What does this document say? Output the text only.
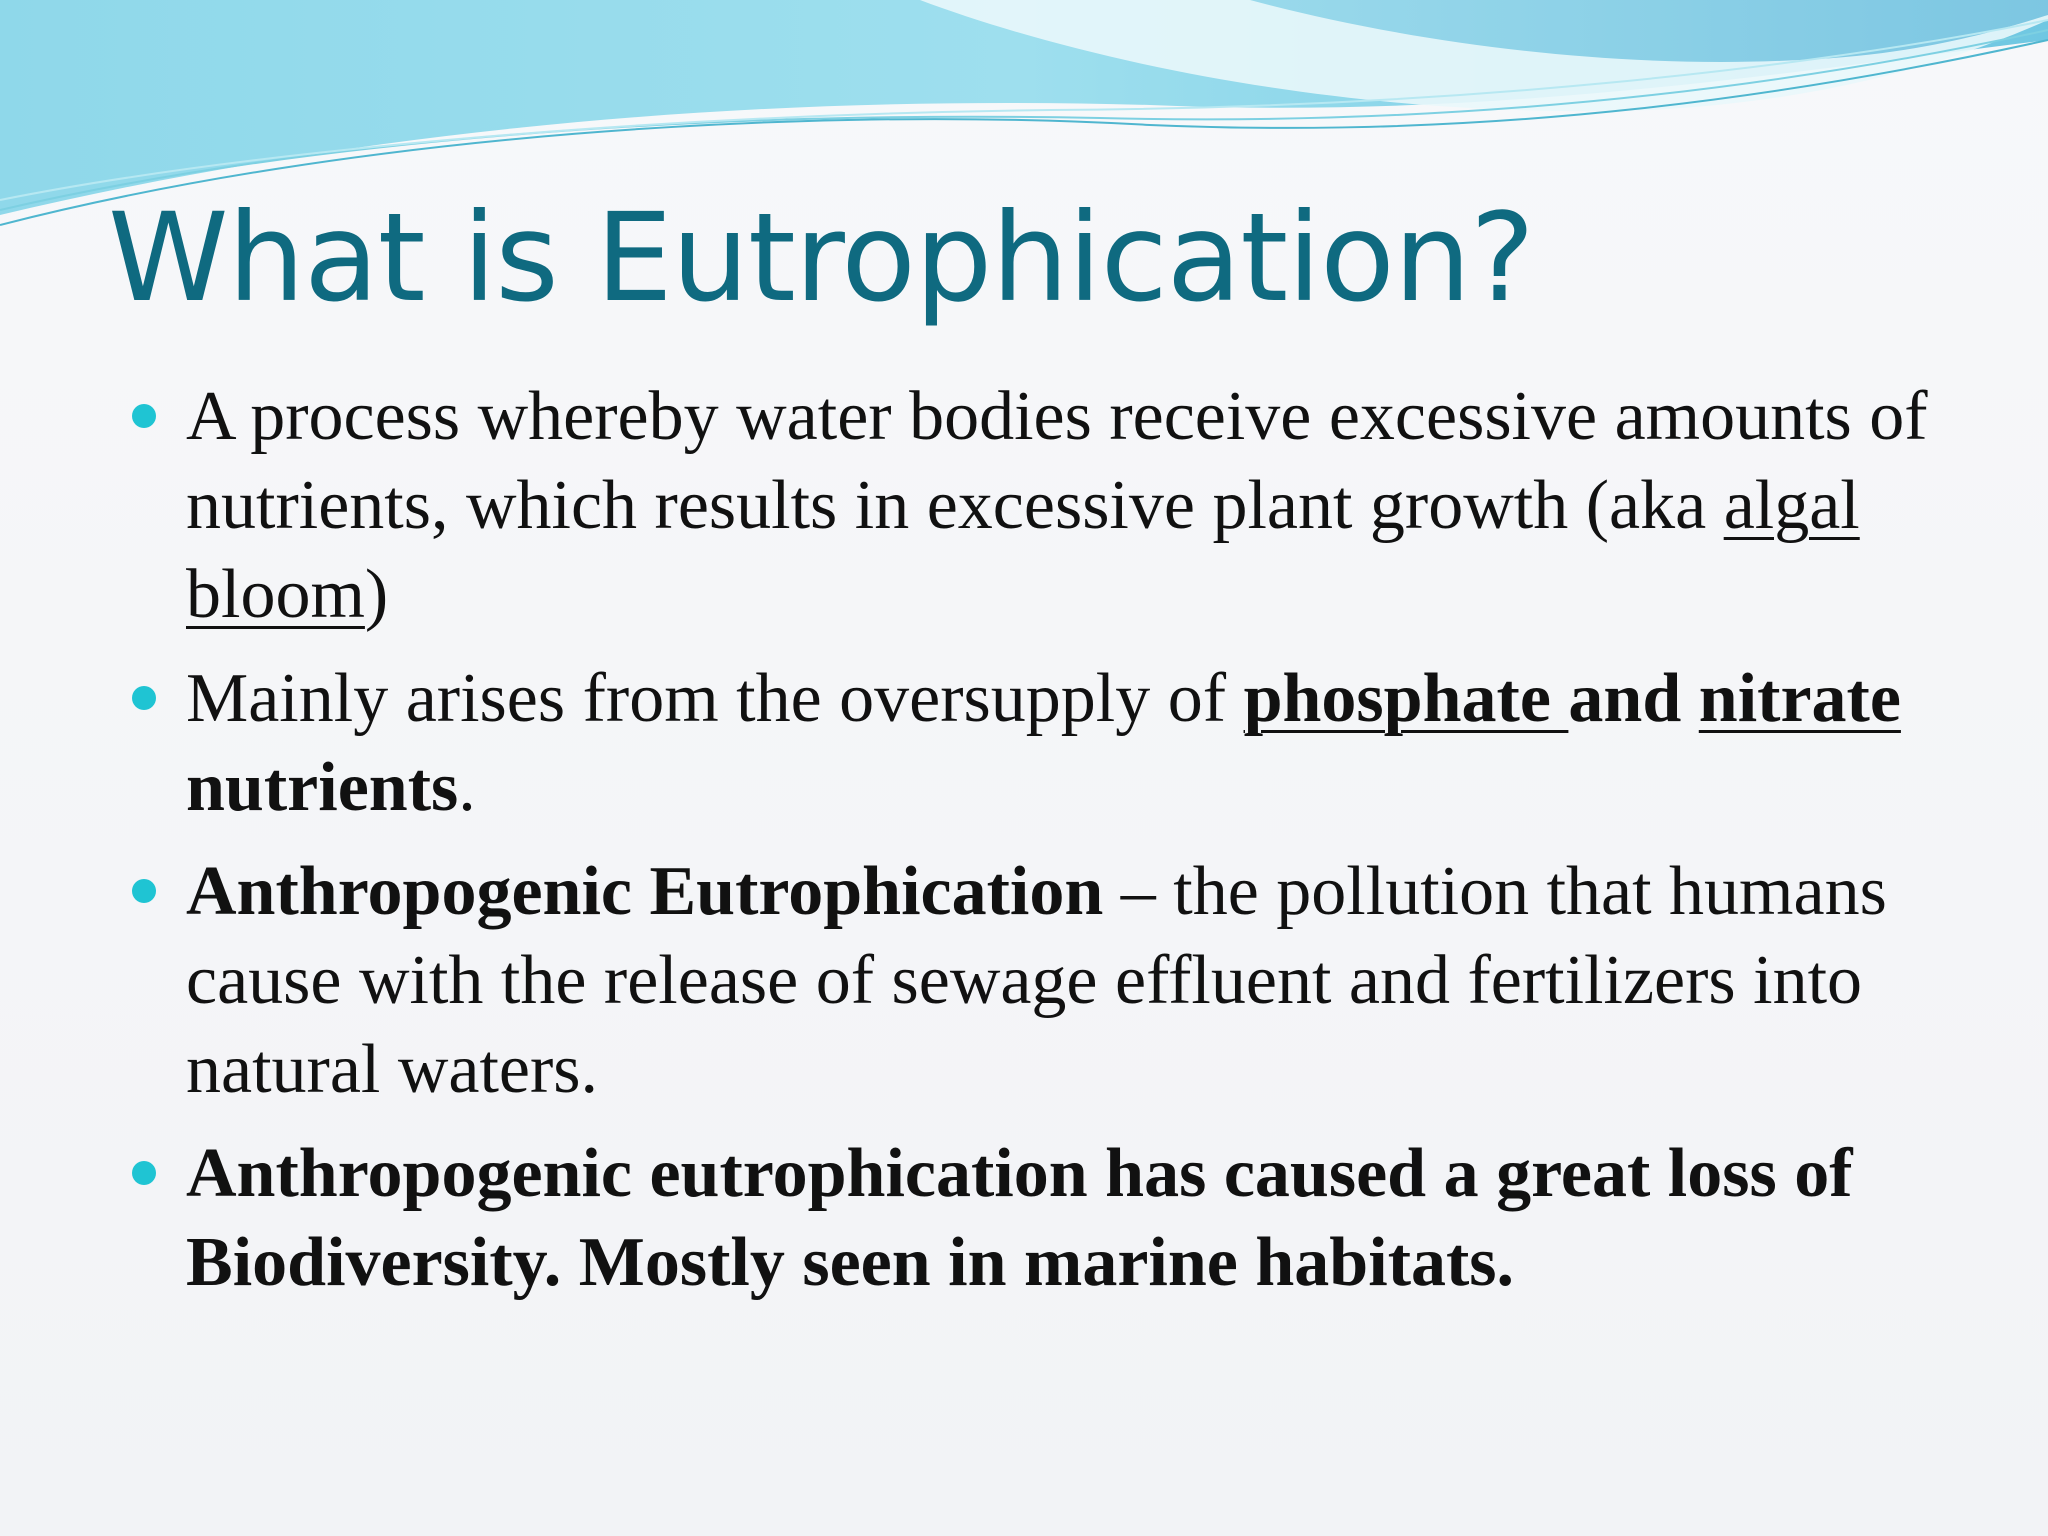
What is Eutrophication?
A process whereby water bodies receive excessive amounts of nutrients, which results in excessive plant growth (aka algal bloom)
Mainly arises from the oversupply of phosphate and nitrate nutrients.
Anthropogenic Eutrophication – the pollution that humans cause with the release of sewage effluent and fertilizers into natural waters.
Anthropogenic eutrophication has caused a great loss of Biodiversity. Mostly seen in marine habitats.
